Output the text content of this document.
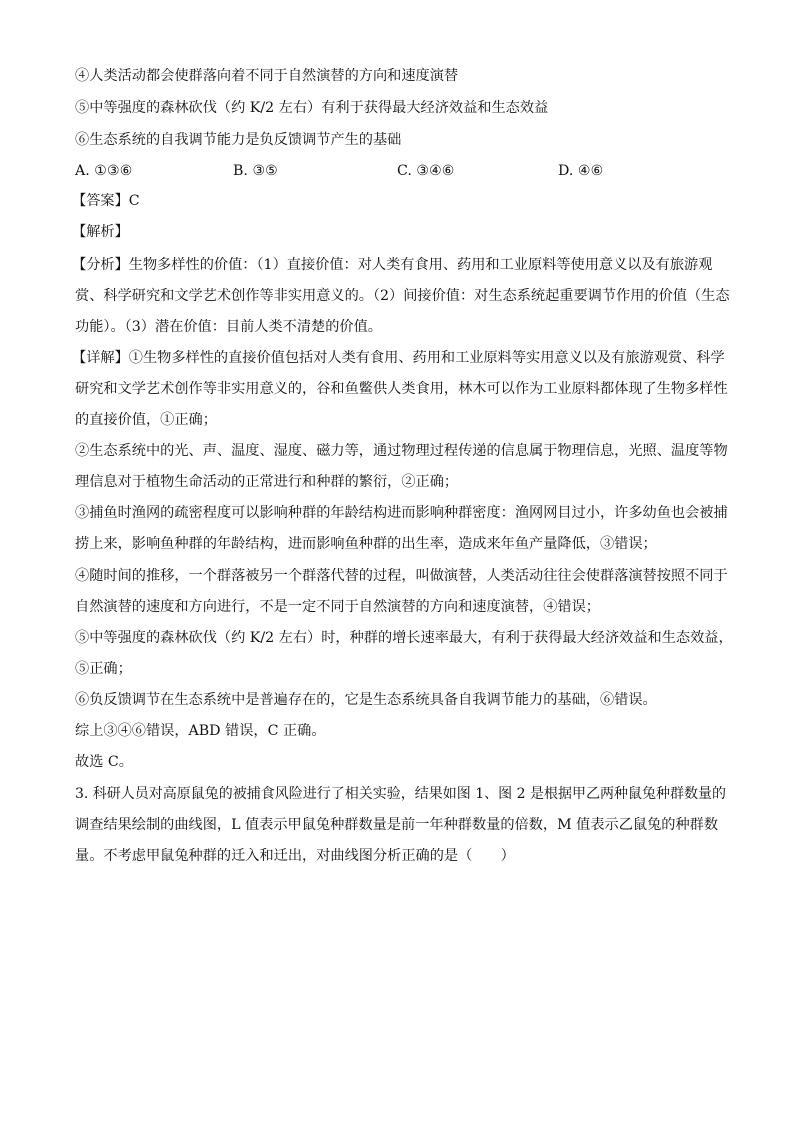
④人类活动都会使群落向着不同于自然演替的方向和速度演替
⑤中等强度的森林砍伐（约 K/2 左右）有利于获得最大经济效益和生态效益
⑥生态系统的自我调节能力是负反馈调节产生的基础
A. ①③⑥	B. ③⑤	C. ③④⑥	D. ④⑥
【答案】C
【解析】
【分析】生物多样性的价值：（1）直接价值：对人类有食用、药用和工业原料等使用意义以及有旅游观
赏、科学研究和文学艺术创作等非实用意义的。（2）间接价值：对生态系统起重要调节作用的价值（生态
功能）。（3）潜在价值：目前人类不清楚的价值。
【详解】①生物多样性的直接价值包括对人类有食用、药用和工业原料等实用意义以及有旅游观赏、科学
研究和文学艺术创作等非实用意义的，谷和鱼鳖供人类食用，林木可以作为工业原料都体现了生物多样性
的直接价值，①正确；
②生态系统中的光、声、温度、湿度、磁力等，通过物理过程传递的信息属于物理信息，光照、温度等物
理信息对于植物生命活动的正常进行和种群的繁衍，②正确；
③捕鱼时渔网的疏密程度可以影响种群的年龄结构进而影响种群密度：渔网网目过小，许多幼鱼也会被捕
捞上来，影响鱼种群的年龄结构，进而影响鱼种群的出生率，造成来年鱼产量降低，③错误；
④随时间的推移，一个群落被另一个群落代替的过程，叫做演替，人类活动往往会使群落演替按照不同于
自然演替的速度和方向进行，不是一定不同于自然演替的方向和速度演替，④错误；
⑤中等强度的森林砍伐（约 K/2 左右）时，种群的增长速率最大，有利于获得最大经济效益和生态效益，
⑤正确；
⑥负反馈调节在生态系统中是普遍存在的，它是生态系统具备自我调节能力的基础，⑥错误。
综上③④⑥错误，ABD 错误，C 正确。
故选 C。
3. 科研人员对高原鼠兔的被捕食风险进行了相关实验，结果如图 1、图 2 是根据甲乙两种鼠兔种群数量的
调查结果绘制的曲线图，L 值表示甲鼠兔种群数量是前一年种群数量的倍数，M 值表示乙鼠兔的种群数
量。不考虑甲鼠兔种群的迁入和迁出，对曲线图分析正确的是（　　）
